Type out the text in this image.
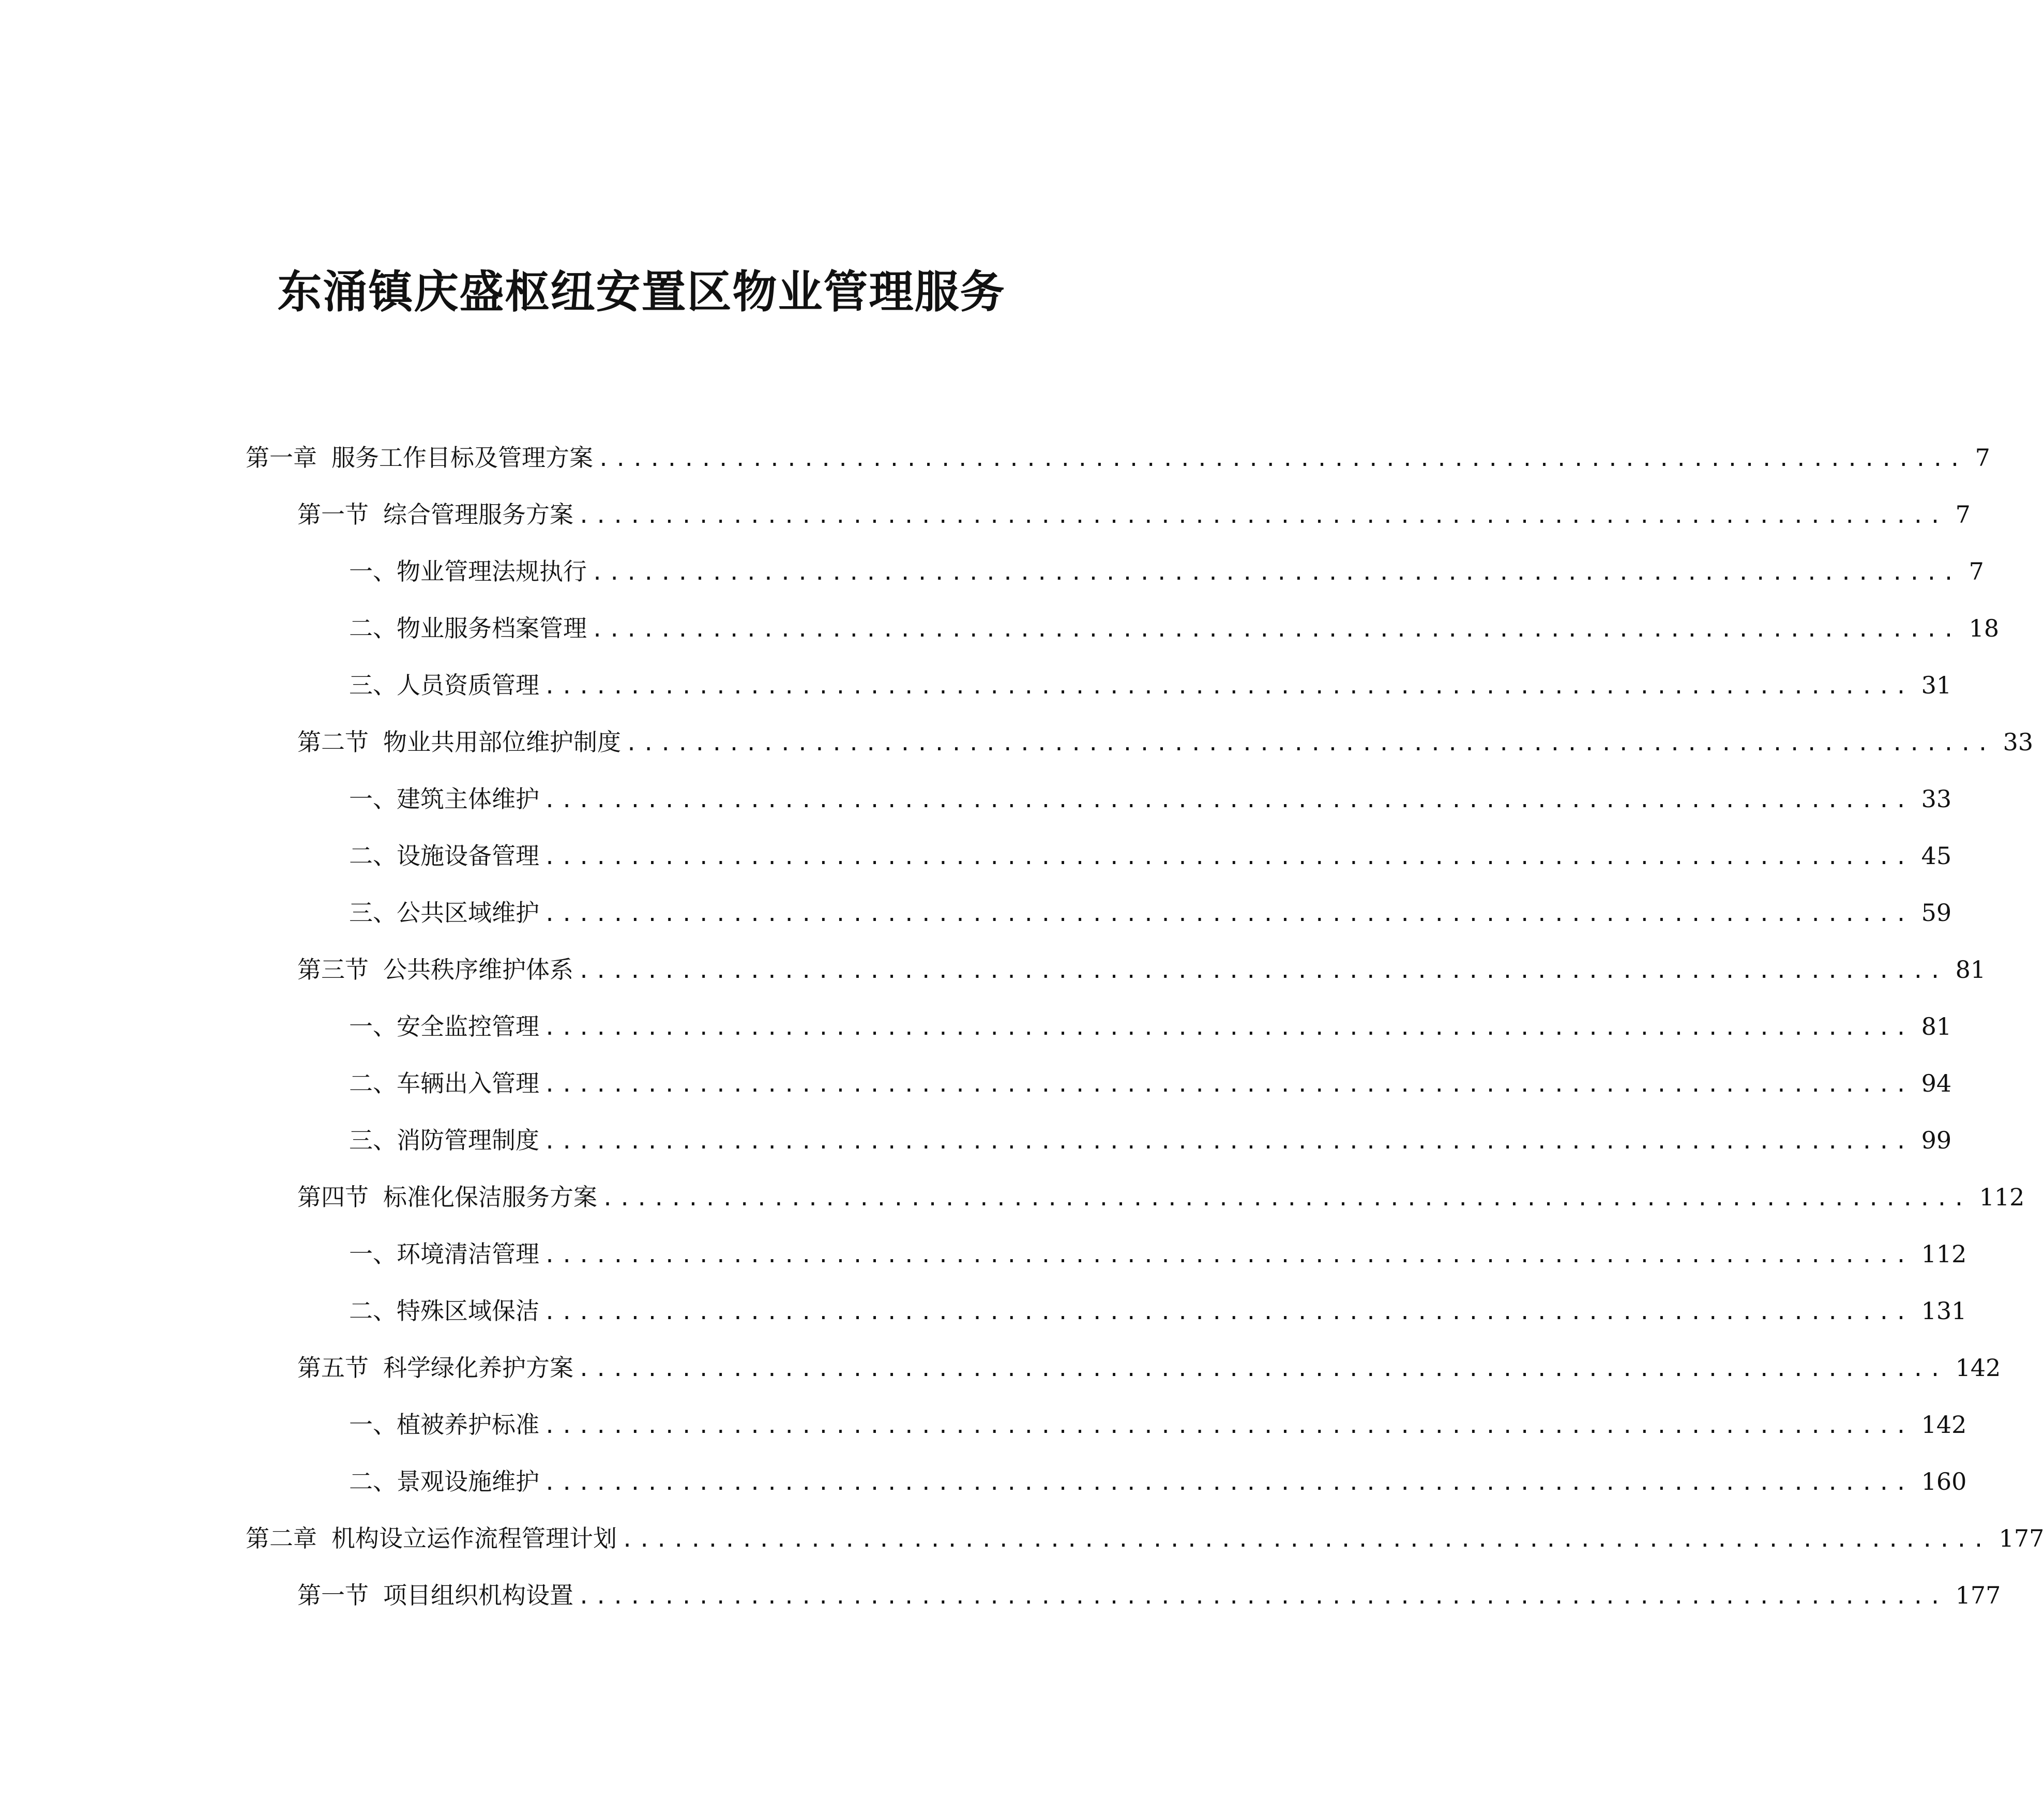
东涌镇庆盛枢纽安置区物业管理服务
第一章 服务工作目标及管理方案 ................................................................................ 7
第一节 综合管理服务方案 ................................................................................ 7
一、 物业管理法规执行 ................................................................................ 7
二、 物业服务档案管理 ................................................................................ 18
三、 人员资质管理 ................................................................................ 31
第二节 物业共用部位维护制度 ................................................................................ 33
一、 建筑主体维护 ................................................................................ 33
二、 设施设备管理 ................................................................................ 45
三、 公共区域维护 ................................................................................ 59
第三节 公共秩序维护体系 ................................................................................ 81
一、 安全监控管理 ................................................................................ 81
二、 车辆出入管理 ................................................................................ 94
三、 消防管理制度 ................................................................................ 99
第四节 标准化保洁服务方案 ................................................................................ 112
一、 环境清洁管理 ................................................................................ 112
二、 特殊区域保洁 ................................................................................ 131
第五节 科学绿化养护方案 ................................................................................ 142
一、 植被养护标准 ................................................................................ 142
二、 景观设施维护 ................................................................................ 160
第二章 机构设立运作流程管理计划 ................................................................................ 177
第一节 项目组织机构设置 ................................................................................ 177
